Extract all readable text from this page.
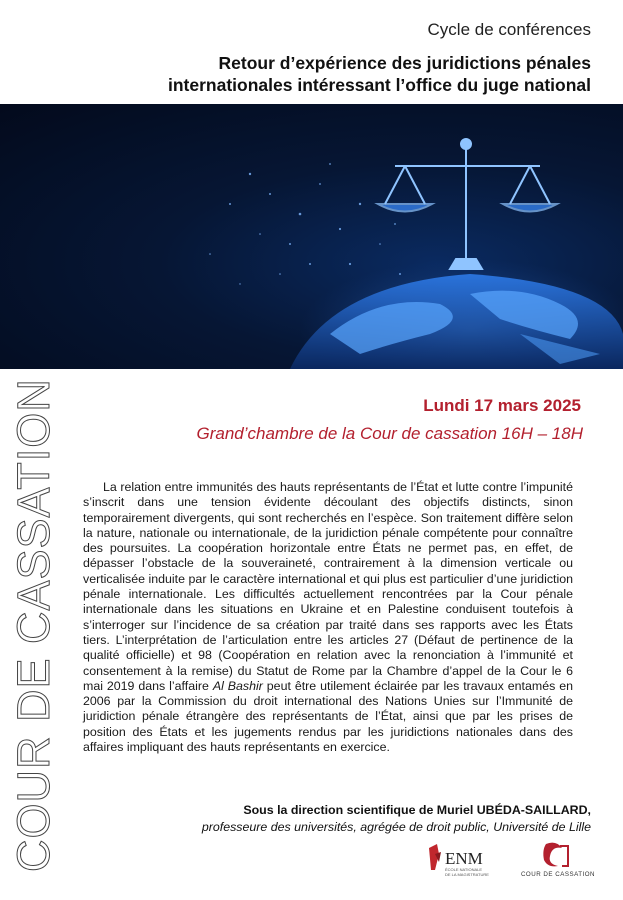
Cycle de conférences
Retour d’expérience des juridictions pénales
internationales intéressant l’office du juge national
COUR DE CASSATION	Lundi 17 mars 2025
Grand’chambre de la Cour de cassation 16H – 18H

La relation entre immunités des hauts représentants de l’État et lutte contre l’impunité s’inscrit dans une tension évidente découlant des objectifs distincts, sinon temporairement divergents, qui sont recherchés en l’espèce. Son traitement diffère selon la nature, nationale ou internationale, de la juridiction pénale compétente pour connaître des poursuites. La coopération horizontale entre États ne permet pas, en effet, de dépasser l’obstacle de la souveraineté, contrairement à la dimension verticale ou verticalisée induite par le caractère international et qui plus est particulier d’une juridiction pénale internationale. Les difficultés actuellement rencontrées par la Cour pénale internationale dans les situations en Ukraine et en Palestine conduisent toutefois à s’interroger sur l’incidence de sa création par traité dans ses rapports avec les États tiers. L’interprétation de l’articulation entre les articles 27 (Défaut de pertinence de la qualité officielle) et 98 (Coopération en relation avec la renonciation à l’immunité et consentement à la remise) du Statut de Rome par la Chambre d’appel de la Cour le 6 mai 2019 dans l’affaire Al Bashir peut être utilement éclairée par les travaux entamés en 2006 par la Commission du droit international des Nations Unies sur l’Immunité de juridiction pénale étrangère des représentants de l’État, ainsi que par les prises de position des États et les jugements rendus par les juridictions nationales dans des affaires impliquant des hauts représentants en exercice.

Sous la direction scientifique de Muriel UBÉDA-SAILLARD,
professeure des universités, agrégée de droit public, Université de Lille
ENM
ÉCOLE NATIONALE
DE LA MAGISTRATURE	COUR DE CASSATION
